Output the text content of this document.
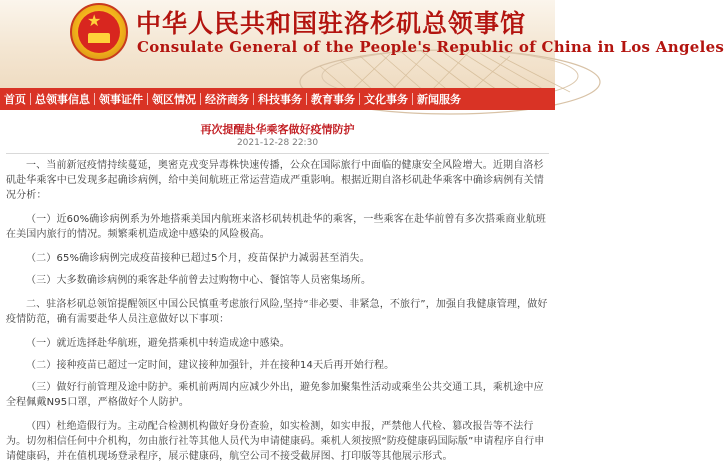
★ 中华人民共和国驻洛杉矶总领事馆
Consulate General of the People's Republic of China in Los Angeles
首页 总领事信息 领事证件 领区情况 经济商务 科技事务 教育事务 文化事务 新闻服务
再次提醒赴华乘客做好疫情防护
2021-12-28 22:30

一、当前新冠疫情持续蔓延，奥密克戎变异毒株快速传播，公众在国际旅行中面临的健康安全风险增大。近期自洛杉矶赴华乘客中已发现多起确诊病例，给中美间航班正常运营造成严重影响。根据近期自洛杉矶赴华乘客中确诊病例有关情况分析：

（一）近60%确诊病例系为外地搭乘美国内航班来洛杉矶转机赴华的乘客，一些乘客在赴华前曾有多次搭乘商业航班在美国内旅行的情况。频繁乘机造成途中感染的风险极高。

（二）65%确诊病例完成疫苗接种已超过5个月，疫苗保护力减弱甚至消失。

（三）大多数确诊病例的乘客赴华前曾去过购物中心、餐馆等人员密集场所。

二、驻洛杉矶总领馆提醒领区中国公民慎重考虑旅行风险,坚持“非必要、非紧急，不旅行”，加强自我健康管理，做好疫情防范，确有需要赴华人员注意做好以下事项：

（一）就近选择赴华航班，避免搭乘机中转造成途中感染。

（二）接种疫苗已超过一定时间，建议接种加强针，并在接种14天后再开始行程。

（三）做好行前管理及途中防护。乘机前两周内应减少外出，避免参加聚集性活动或乘坐公共交通工具，乘机途中应全程佩戴N95口罩，严格做好个人防护。

（四）杜绝造假行为。主动配合检测机构做好身份查验，如实检测，如实申报，严禁他人代检、篡改报告等不法行为。切勿相信任何中介机构，勿由旅行社等其他人员代为申请健康码。乘机人须按照“防疫健康码国际版”申请程序自行申请健康码，并在值机现场登录程序，展示健康码，航空公司不接受截屏图、打印版等其他展示形式。
